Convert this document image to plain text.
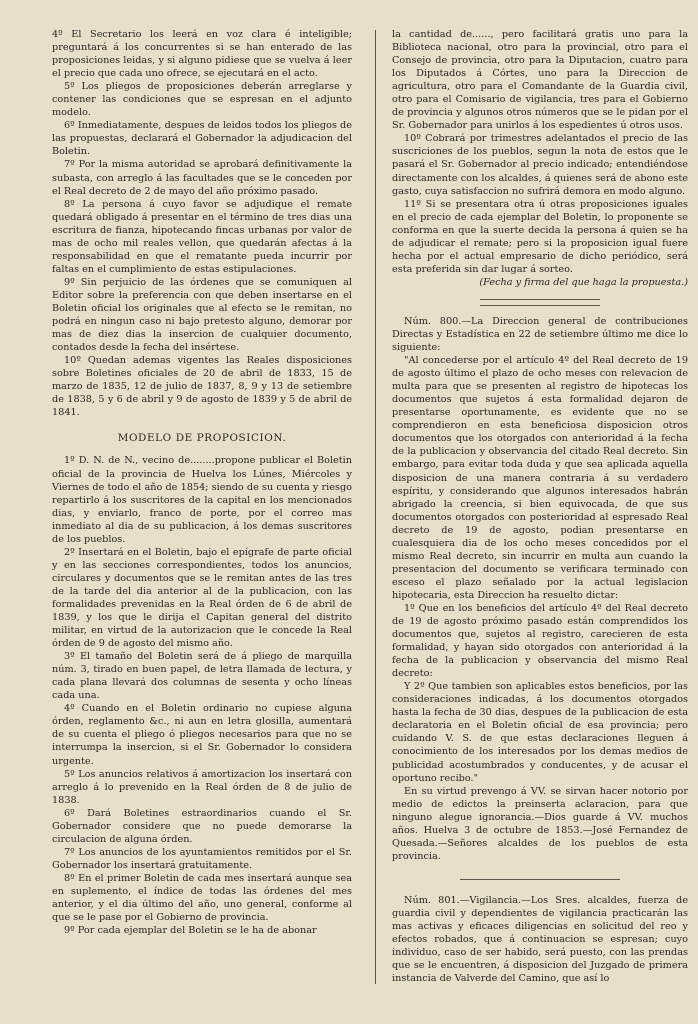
4º El Secretario los leerá en voz clara é inteligible; preguntará á los concurrentes si se han enterado de las proposiciones leidas, y si alguno pidiese que se vuelva á leer el precio que cada uno ofrece, se ejecutará en el acto.

5º Los pliegos de proposiciones deberán arreglarse y contener las condiciones que se espresan en el adjunto modelo.

6º Inmediatamente, despues de leidos todos los pliegos de las propuestas, declarará el Gobernador la adjudicacion del Boletin.

7º Por la misma autoridad se aprobará definitivamente la subasta, con arreglo á las facultades que se le conceden por el Real decreto de 2 de mayo del año próximo pasado.

8º La persona á cuyo favor se adjudique el remate quedará obligado á presentar en el término de tres dias una escritura de fianza, hipotecando fincas urbanas por valor de mas de ocho mil reales vellon, que quedarán afectas á la responsabilidad en que el rematante pueda incurrir por faltas en el cumplimiento de estas estipulaciones.

9º Sin perjuicio de las órdenes que se comuniquen al Editor sobre la preferencia con que deben insertarse en el Boletin oficial los originales que al efecto se le remitan, no podrá en ningun caso ni bajo pretesto alguno, demorar por mas de diez dias la insercion de cualquier documento, contados desde la fecha del insértese.

10º Quedan ademas vigentes las Reales disposiciones sobre Boletines oficiales de 20 de abril de 1833, 15 de marzo de 1835, 12 de julio de 1837, 8, 9 y 13 de setiembre de 1838, 5 y 6 de abril y 9 de agosto de 1839 y 5 de abril de 1841.

MODELO DE PROPOSICION.

1º D. N. de N., vecino de........propone publicar el Boletin oficial de la provincia de Huelva los Lúnes, Miércoles y Viernes de todo el año de 1854; siendo de su cuenta y riesgo repartirlo á los suscritores de la capital en los mencionados dias, y enviarlo, franco de porte, por el correo mas inmediato al dia de su publicacion, á los demas suscritores de los pueblos.

2º Insertará en el Boletin, bajo el epígrafe de parte oficial y en las secciones correspondientes, todos los anuncios, circulares y documentos que se le remitan antes de las tres de la tarde del dia anterior al de la publicacion, con las formalidades prevenidas en la Real órden de 6 de abril de 1839, y los que le dirija el Capitan general del distrito militar, en virtud de la autorizacion que le concede la Real órden de 9 de agosto del mismo año.

3º El tamaño del Boletin será de á pliego de marquilla núm. 3, tirado en buen papel, de letra llamada de lectura, y cada plana llevará dos columnas de sesenta y ocho líneas cada una.

4º Cuando en el Boletin ordinario no cupiese alguna órden, reglamento &c., ni aun en letra glosilla, aumentará de su cuenta el pliego ó pliegos necesarios para que no se interrumpa la insercion, si el Sr. Gobernador lo considera urgente.

5º Los anuncios relativos á amortizacion los insertará con arreglo á lo prevenido en la Real órden de 8 de julio de 1838.

6º Dará Boletines estraordinarios cuando el Sr. Gobernador considere que no puede demorarse la circulacion de alguna órden.

7º Los anuncios de los ayuntamientos remitidos por el Sr. Gobernador los insertará gratuitamente.

8º En el primer Boletin de cada mes insertará aunque sea en suplemento, el índice de todas las órdenes del mes anterior, y el dia último del año, uno general, conforme al que se le pase por el Gobierno de provincia.

9º Por cada ejemplar del Boletin se le ha de abonar

la cantidad de......, pero facilitará gratis uno para la Biblioteca nacional, otro para la provincial, otro para el Consejo de provincia, otro para la Diputacion, cuatro para los Diputados á Córtes, uno para la Direccion de agricultura, otro para el Comandante de la Guardia civil, otro para el Comisario de vigilancia, tres para el Gobierno de provincia y algunos otros números que se le pidan por el Sr. Gobernador para unirlos á los espedientes ú otros usos.

10º Cobrará por trimestres adelantados el precio de las suscriciones de los pueblos, segun la nota de estos que le pasará el Sr. Gobernador al precio indicado; entendiéndose directamente con los alcaldes, á quienes será de abono este gasto, cuya satisfaccion no sufrirá demora en modo alguno.

11º Si se presentara otra ú otras proposiciones iguales en el precio de cada ejemplar del Boletin, lo proponente se conforma en que la suerte decida la persona á quien se ha de adjudicar el remate; pero si la proposicion igual fuere hecha por el actual empresario de dicho periódico, será esta preferida sin dar lugar á sorteo.

(Fecha y firma del que haga la propuesta.)

Núm. 800.—La Direccion general de contribuciones Directas y Estadística en 22 de setiembre último me dice lo siguiente:

"Al concederse por el artículo 4º del Real decreto de 19 de agosto último el plazo de ocho meses con relevacion de multa para que se presenten al registro de hipotecas los documentos que sujetos á esta formalidad dejaron de presentarse oportunamente, es evidente que no se comprendieron en esta beneficiosa disposicion otros documentos que los otorgados con anterioridad á la fecha de la publicacion y observancia del citado Real decreto. Sin embargo, para evitar toda duda y que sea aplicada aquella disposicion de una manera contraria á su verdadero espíritu, y considerando que algunos interesados habrán abrigado la creencia, si bien equivocada, de que sus documentos otorgados con posterioridad al espresado Real decreto de 19 de agosto, podian presentarse en cualesquiera dia de los ocho meses concedidos por el mismo Real decreto, sin incurrir en multa aun cuando la presentacion del documento se verificara terminado con esceso el plazo señalado por la actual legislacion hipotecaria, esta Direccion ha resuelto dictar:

1º Que en los beneficios del artículo 4º del Real decreto de 19 de agosto próximo pasado están comprendidos los documentos que, sujetos al registro, carecieren de esta formalidad, y hayan sido otorgados con anterioridad á la fecha de la publicacion y observancia del mismo Real decreto:

Y 2º Que tambien son aplicables estos beneficios, por las consideraciones indicadas, á los documentos otorgados hasta la fecha de 30 dias, despues de la publicacion de esta declaratoria en el Boletin oficial de esa provincia; pero cuidando V. S. de que estas declaraciones lleguen á conocimiento de los interesados por los demas medios de publicidad acostumbrados y conducentes, y de acusar el oportuno recibo."

En su virtud prevengo á VV. se sirvan hacer notorio por medio de edictos la preinserta aclaracion, para que ninguno alegue ignorancia.—Dios guarde á VV. muchos años. Huelva 3 de octubre de 1853.—José Fernandez de Quesada.—Señores alcaldes de los pueblos de esta provincia.

Núm. 801.—Vigilancia.—Los Sres. alcaldes, fuerza de guardia civil y dependientes de vigilancia practicarán las mas activas y eficaces diligencias en solicitud del reo y efectos robados, que á continuacion se espresan; cuyo individuo, caso de ser habido, será puesto, con las prendas que se le encuentren, á disposicion del Juzgado de primera instancia de Valverde del Camino, que así lo
